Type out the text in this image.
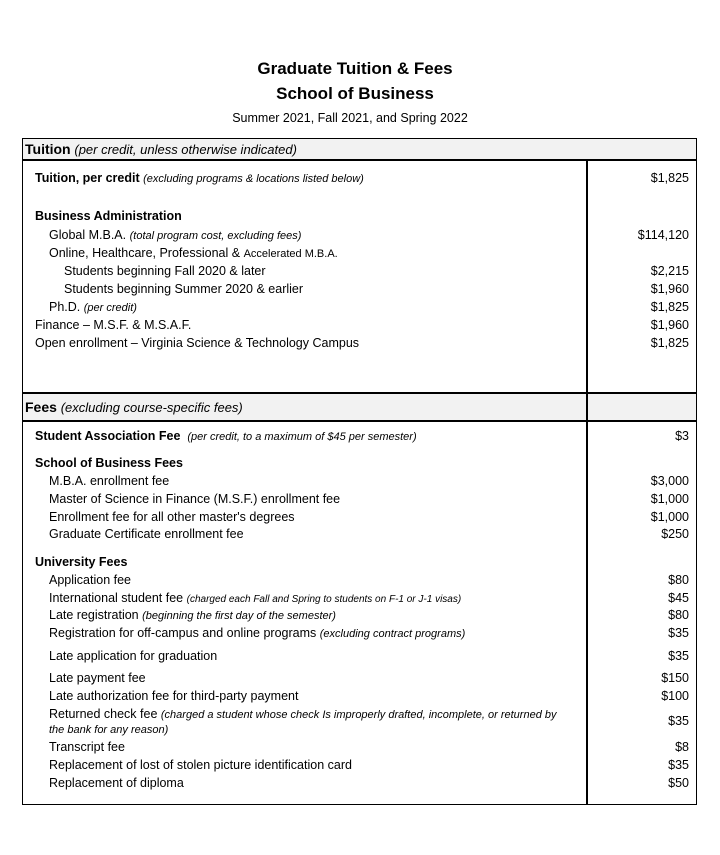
Graduate Tuition & Fees
School of Business
Summer 2021, Fall 2021, and Spring 2022
Tuition (per credit, unless otherwise indicated)
Tuition, per credit (excluding programs & locations listed below)	$1,825
Business Administration
Global M.B.A. (total program cost, excluding fees)	$114,120
Online, Healthcare, Professional & Accelerated M.B.A.
Students beginning Fall 2020 & later	$2,215
Students beginning Summer 2020 & earlier	$1,960
Ph.D. (per credit)	$1,825
Finance – M.S.F. & M.S.A.F.	$1,960
Open enrollment – Virginia Science & Technology Campus	$1,825
Fees (excluding course-specific fees)
Student Association Fee (per credit, to a maximum of $45 per semester)	$3
School of Business Fees
M.B.A. enrollment fee	$3,000
Master of Science in Finance (M.S.F.) enrollment fee	$1,000
Enrollment fee for all other master's degrees	$1,000
Graduate Certificate enrollment fee	$250
University Fees
Application fee	$80
International student fee (charged each Fall and Spring to students on F-1 or J-1 visas)	$45
Late registration (beginning the first day of the semester)	$80
Registration for off-campus and online programs (excluding contract programs)	$35
Late application for graduation	$35
Late payment fee	$150
Late authorization fee for third-party payment	$100
Returned check fee (charged a student whose check Is improperly drafted, incomplete, or returned by	$35
the bank for any reason)
Transcript fee	$8
Replacement of lost of stolen picture identification card	$35
Replacement of diploma	$50
